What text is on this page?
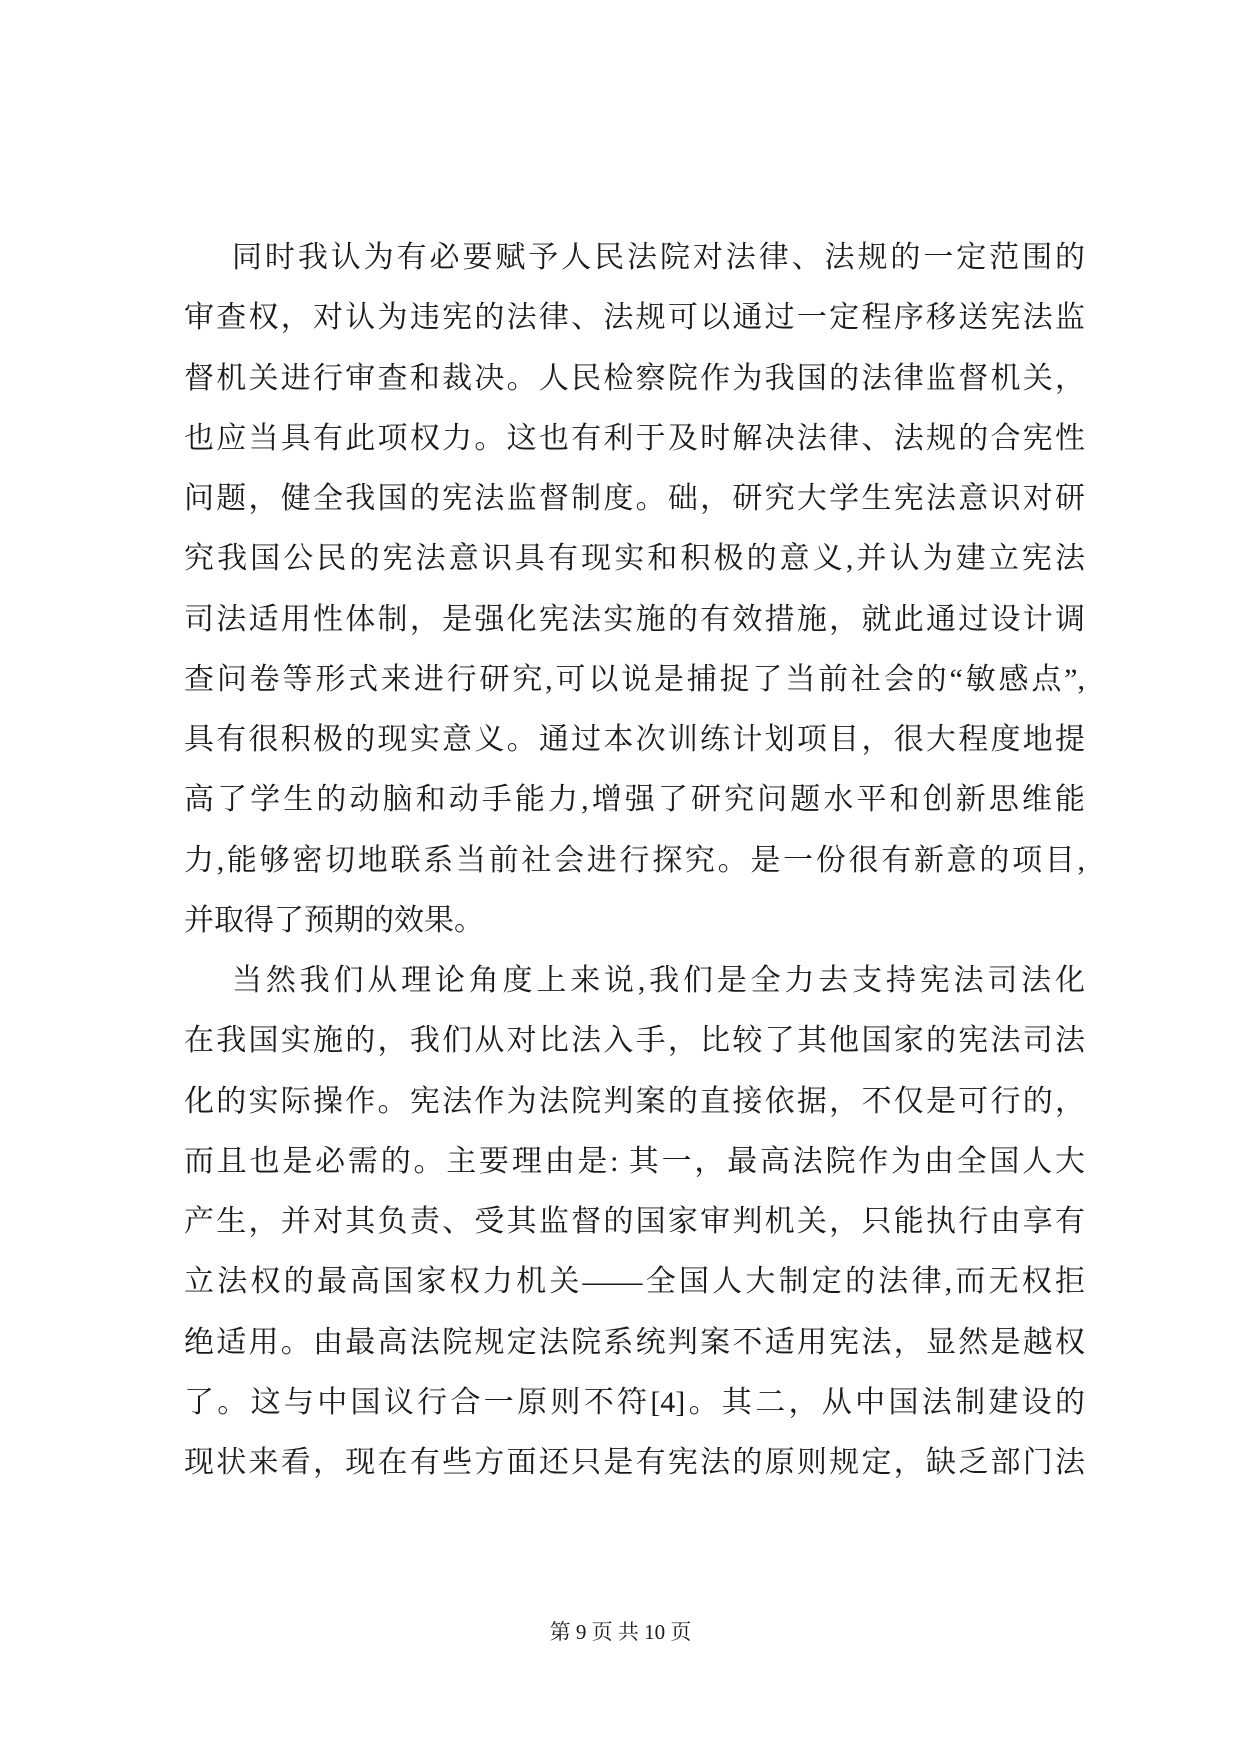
同时我认为有必要赋予人民法院对法律、法规的一定范围的
审查权，对认为违宪的法律、法规可以通过一定程序移送宪法监
督机关进行审查和裁决。人民检察院作为我国的法律监督机关，
也应当具有此项权力。这也有利于及时解决法律、法规的合宪性
问题，健全我国的宪法监督制度。础，研究大学生宪法意识对研
究我国公民的宪法意识具有现实和积极的意义,并认为建立宪法
司法适用性体制，是强化宪法实施的有效措施，就此通过设计调
查问卷等形式来进行研究,可以说是捕捉了当前社会的“敏感点”,
具有很积极的现实意义。通过本次训练计划项目，很大程度地提
高了学生的动脑和动手能力,增强了研究问题水平和创新思维能
力,能够密切地联系当前社会进行探究。是一份很有新意的项目,
并取得了预期的效果。
当然我们从理论角度上来说,我们是全力去支持宪法司法化
在我国实施的，我们从对比法入手，比较了其他国家的宪法司法
化的实际操作。宪法作为法院判案的直接依据，不仅是可行的，
而且也是必需的。主要理由是: 其一，最高法院作为由全国人大
产生，并对其负责、受其监督的国家审判机关，只能执行由享有
立法权的最高国家权力机关——全国人大制定的法律,而无权拒
绝适用。由最高法院规定法院系统判案不适用宪法，显然是越权
了。这与中国议行合一原则不符[4]。其二，从中国法制建设的
现状来看，现在有些方面还只是有宪法的原则规定，缺乏部门法
第 9 页 共 10 页
